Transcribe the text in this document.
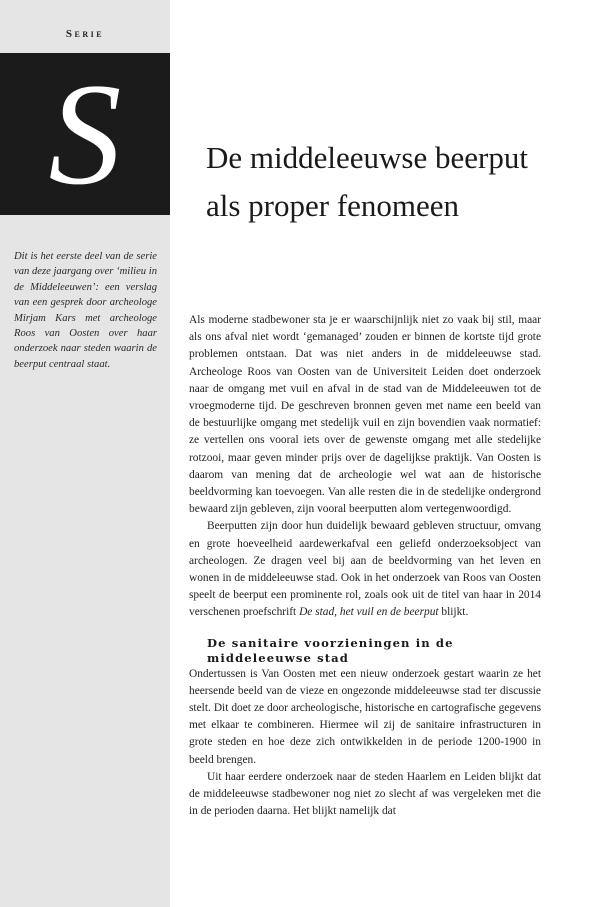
Serie
S
Dit is het eerste deel van de serie van deze jaargang over ‘milieu in de Middeleeuwen’: een verslag van een gesprek door archeologe Mirjam Kars met archeologe Roos van Oosten over haar onderzoek naar steden waarin de beerput centraal staat.
De middeleeuwse beerput als proper fenomeen

Als moderne stadbewoner sta je er waarschijnlijk niet zo vaak bij stil, maar als ons afval niet wordt ‘gemanaged’ zouden er binnen de kortste tijd grote problemen ontstaan. Dat was niet anders in de middeleeuwse stad. Archeologe Roos van Oosten van de Universiteit Leiden doet onderzoek naar de omgang met vuil en afval in de stad van de Middeleeuwen tot de vroegmoderne tijd. De geschreven bronnen geven met name een beeld van de bestuurlijke omgang met stedelijk vuil en zijn bovendien vaak normatief: ze vertellen ons vooral iets over de gewenste omgang met alle stedelijke rotzooi, maar geven minder prijs over de dagelijkse praktijk. Van Oosten is daarom van mening dat de archeologie wel wat aan de historische beeldvorming kan toevoegen. Van alle resten die in de stedelijke ondergrond bewaard zijn gebleven, zijn vooral beerputten alom vertegenwoordigd.

Beerputten zijn door hun duidelijk bewaard gebleven structuur, omvang en grote hoeveelheid aardewerkafval een geliefd onderzoeksobject van archeologen. Ze dragen veel bij aan de beeldvorming van het leven en wonen in de middeleeuwse stad. Ook in het onderzoek van Roos van Oosten speelt de beerput een prominente rol, zoals ook uit de titel van haar in 2014 verschenen proefschrift De stad, het vuil en de beerput blijkt.

De sanitaire voorzieningen in de middeleeuwse stad

Ondertussen is Van Oosten met een nieuw onderzoek gestart waarin ze het heersende beeld van de vieze en ongezonde middeleeuwse stad ter discussie stelt. Dit doet ze door archeologische, historische en cartografische gegevens met elkaar te combineren. Hiermee wil zij de sanitaire infrastructuren in grote steden en hoe deze zich ontwikkelden in de periode 1200-1900 in beeld brengen.

Uit haar eerdere onderzoek naar de steden Haarlem en Leiden blijkt dat de middeleeuwse stadbewoner nog niet zo slecht af was vergeleken met die in de perioden daarna. Het blijkt namelijk dat
